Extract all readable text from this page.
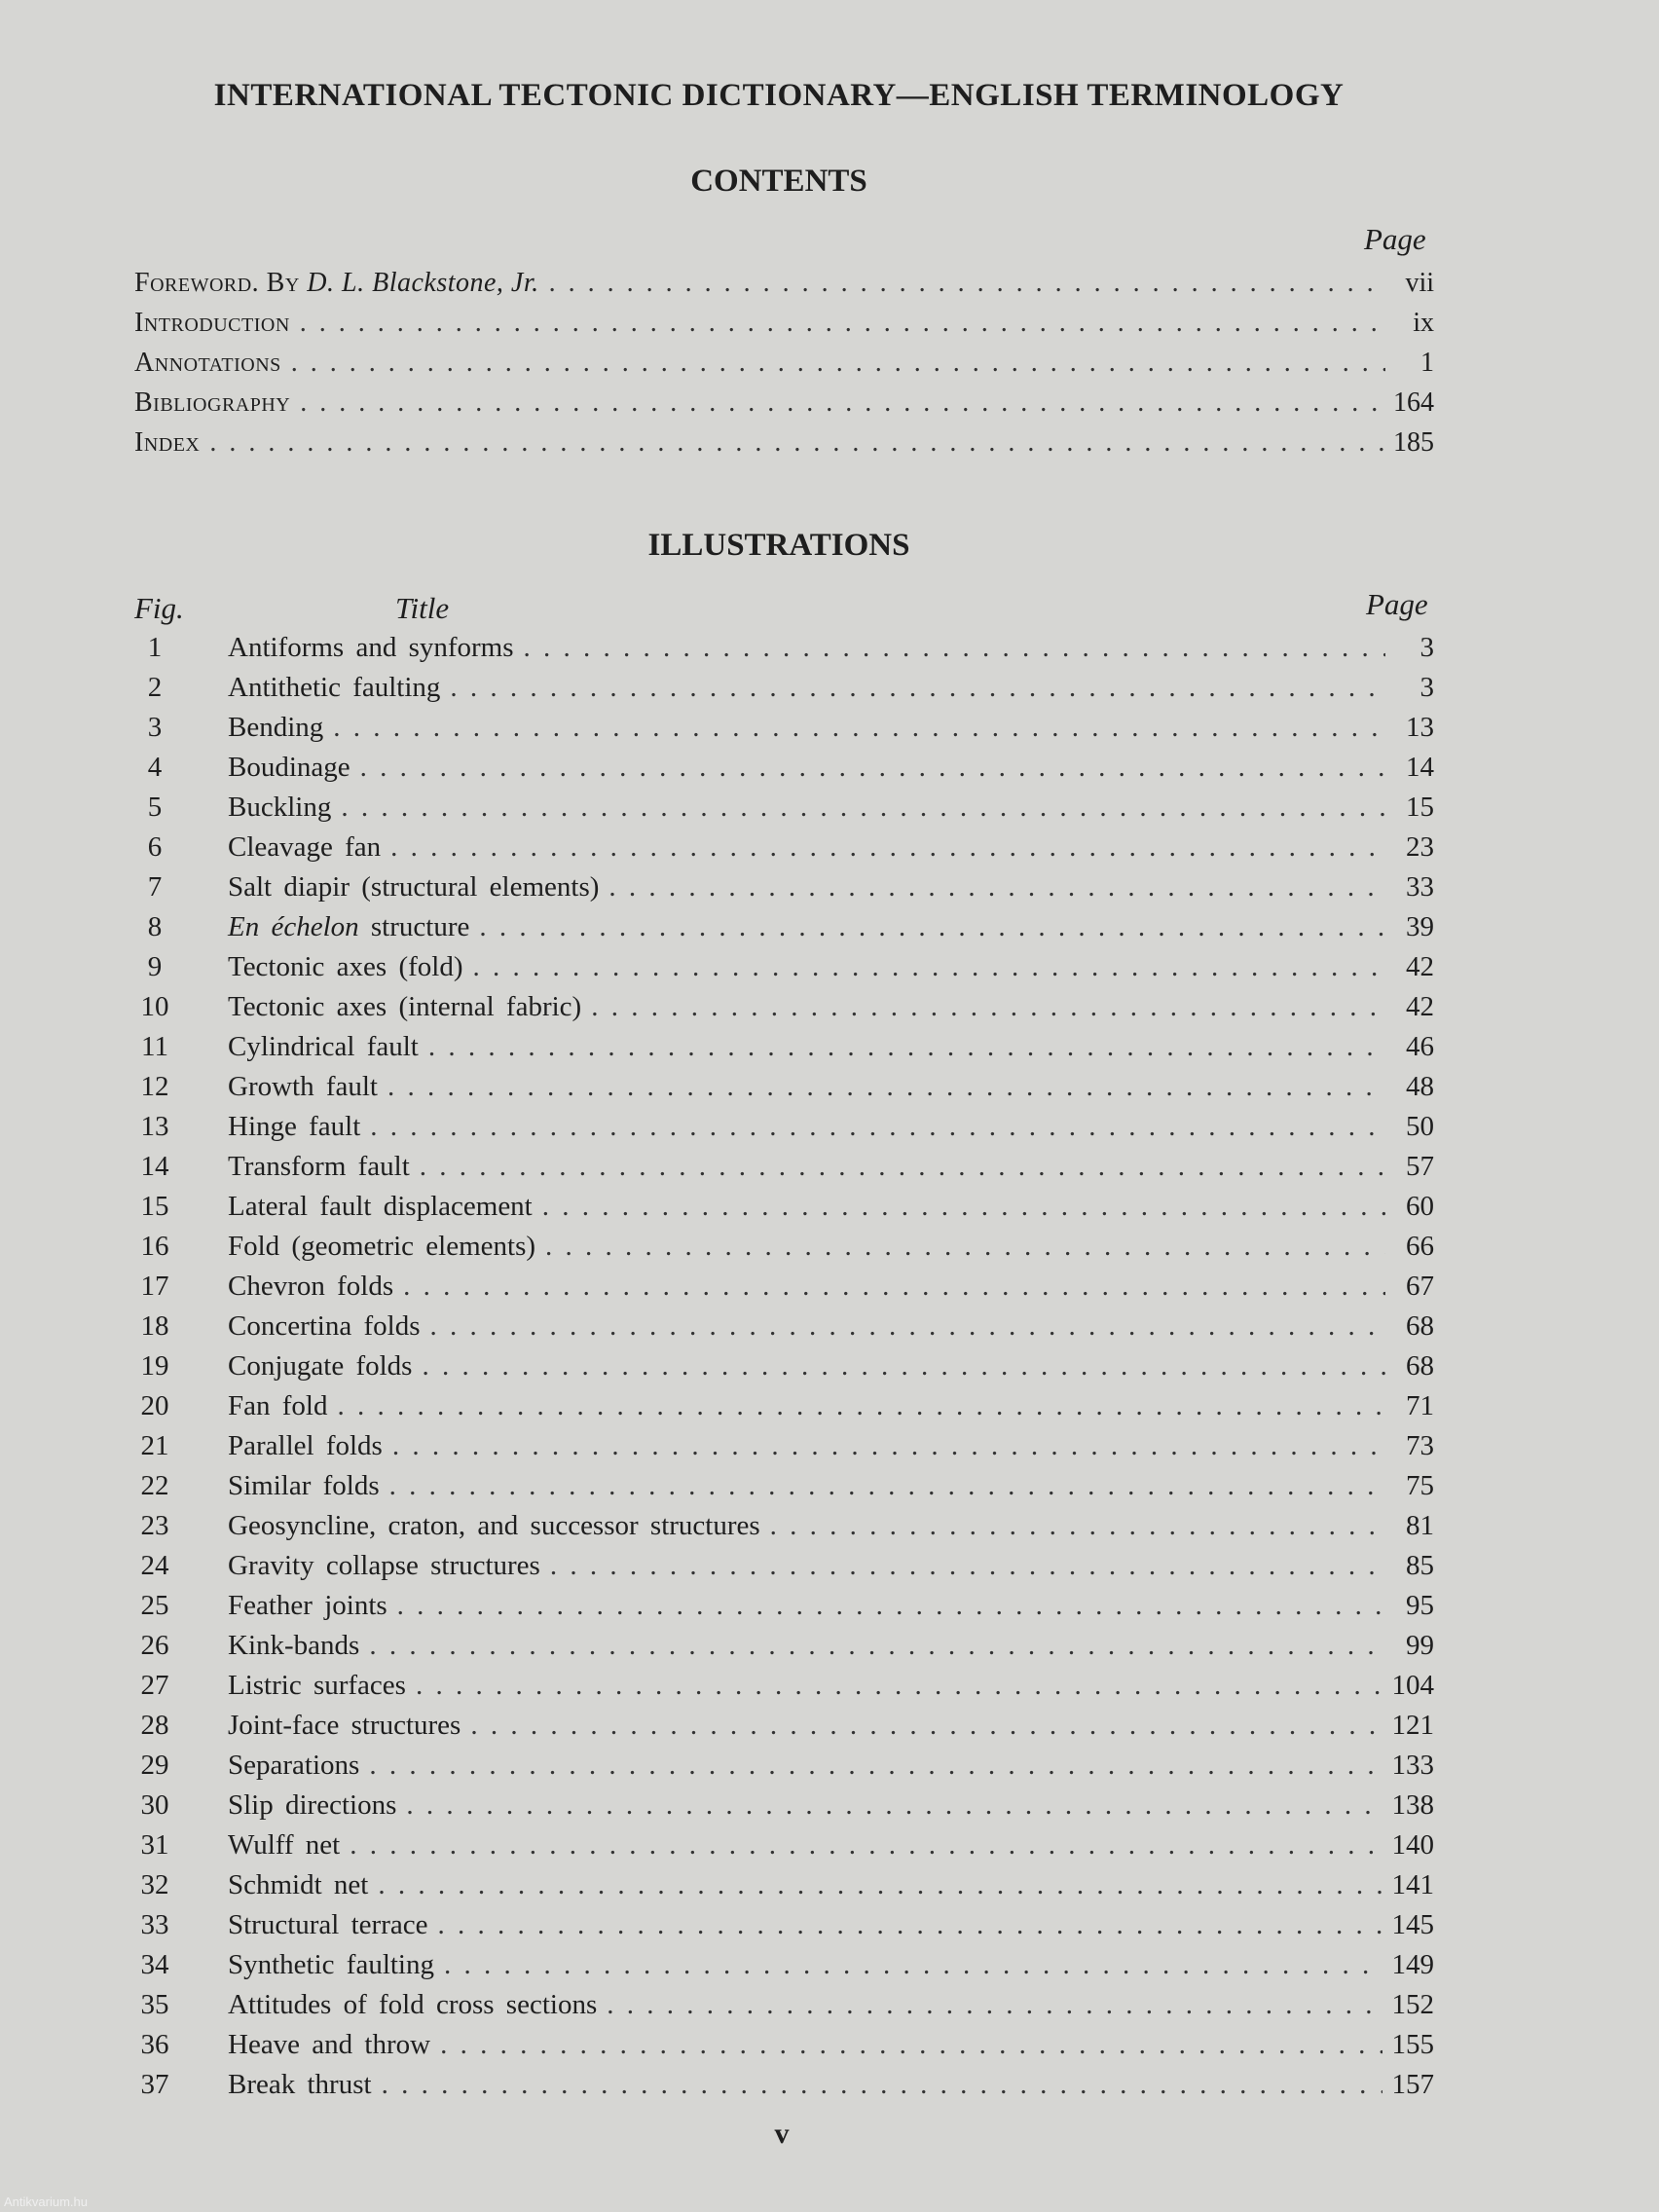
INTERNATIONAL TECTONIC DICTIONARY—ENGLISH TERMINOLOGY
CONTENTS
Page
Foreword. By D. L. Blackstone, Jr. . . .	vii
Introduction . . .	ix
Annotations . . .	1
Bibliography . . .	164
Index . . .	185
ILLUSTRATIONS
Fig.	Title	Page
1	Antiforms and synforms . . .	3
2	Antithetic faulting . . .	3
3	Bending . . .	13
4	Boudinage . . .	14
5	Buckling . . .	15
6	Cleavage fan . . .	23
7	Salt diapir (structural elements) . . .	33
8	En échelon structure . . .	39
9	Tectonic axes (fold) . . .	42
10	Tectonic axes (internal fabric) . . .	42
11	Cylindrical fault . . .	46
12	Growth fault . . .	48
13	Hinge fault . . .	50
14	Transform fault . . .	57
15	Lateral fault displacement . . .	60
16	Fold (geometric elements) . . .	66
17	Chevron folds . . .	67
18	Concertina folds . . .	68
19	Conjugate folds . . .	68
20	Fan fold . . .	71
21	Parallel folds . . .	73
22	Similar folds . . .	75
23	Geosyncline, craton, and successor structures . . .	81
24	Gravity collapse structures . . .	85
25	Feather joints . . .	95
26	Kink-bands . . .	99
27	Listric surfaces . . .	104
28	Joint-face structures . . .	121
29	Separations . . .	133
30	Slip directions . . .	138
31	Wulff net . . .	140
32	Schmidt net . . .	141
33	Structural terrace . . .	145
34	Synthetic faulting . . .	149
35	Attitudes of fold cross sections . . .	152
36	Heave and throw . . .	155
37	Break thrust . . .	157
v
Antikvarium.hu
